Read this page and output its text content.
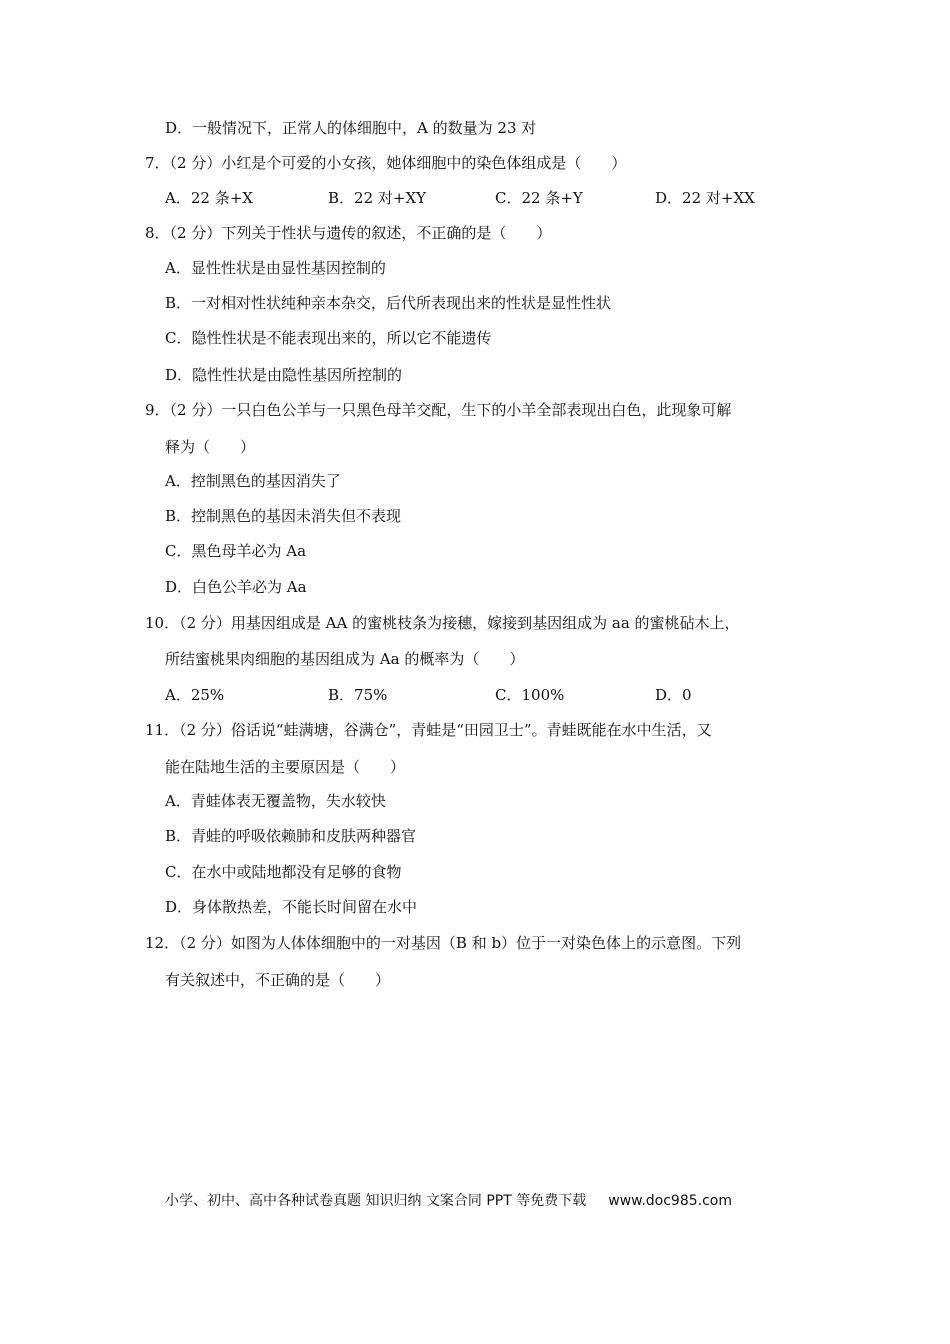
D．一般情况下，正常人的体细胞中，A 的数量为 23 对
7．（2 分）小红是个可爱的小女孩，她体细胞中的染色体组成是（　　）
A．22 条+X	B．22 对+XY	C．22 条+Y	D．22 对+XX
8．（2 分）下列关于性状与遗传的叙述，不正确的是（　　）
A．显性性状是由显性基因控制的
B．一对相对性状纯种亲本杂交，后代所表现出来的性状是显性性状
C．隐性性状是不能表现出来的，所以它不能遗传
D．隐性性状是由隐性基因所控制的
9．（2 分）一只白色公羊与一只黑色母羊交配，生下的小羊全部表现出白色，此现象可解
释为（　　）
A．控制黑色的基因消失了
B．控制黑色的基因未消失但不表现
C．黑色母羊必为 Aa
D．白色公羊必为 Aa
10．（2 分）用基因组成是 AA 的蜜桃枝条为接穗，嫁接到基因组成为 aa 的蜜桃砧木上，
所结蜜桃果肉细胞的基因组成为 Aa 的概率为（　　）
A．25%	B．75%	C．100%	D．0
11．（2 分）俗话说“蛙满塘，谷满仓”，青蛙是“田园卫士”。青蛙既能在水中生活，又
能在陆地生活的主要原因是（　　）
A．青蛙体表无覆盖物，失水较快
B．青蛙的呼吸依赖肺和皮肤两种器官
C．在水中或陆地都没有足够的食物
D．身体散热差，不能长时间留在水中
12．（2 分）如图为人体体细胞中的一对基因（B 和 b）位于一对染色体上的示意图。下列
有关叙述中，不正确的是（　　）
小学、初中、高中各种试卷真题 知识归纳 文案合同 PPT 等免费下载 www.doc985.com
